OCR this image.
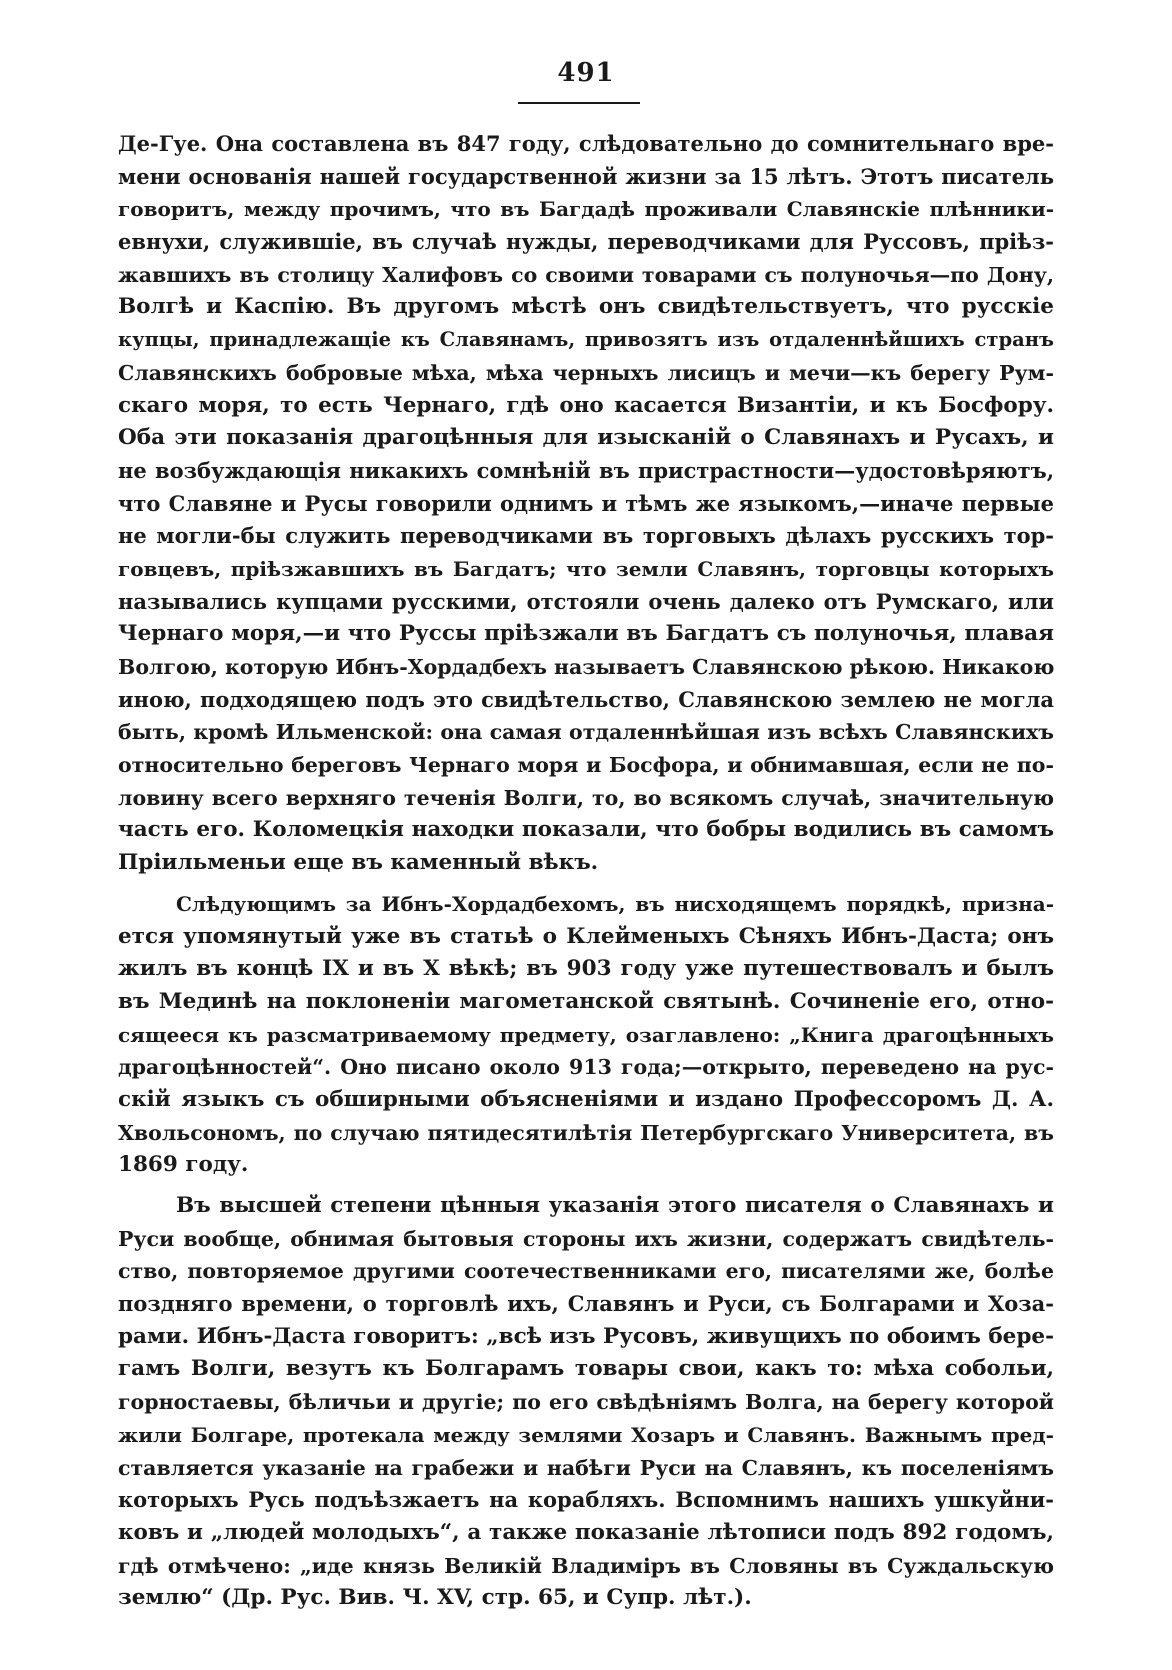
491
Де-Гуе. Она составлена въ 847 году, слѣдовательно до сомнительнаго вре-
мени основанія нашей государственной жизни за 15 лѣтъ. Этотъ писатель
говоритъ, между прочимъ, что въ Багдадѣ проживали Славянскіе плѣнники-
евнухи, служившіе, въ случаѣ нужды, переводчиками для Руссовъ, пріѣз-
жавшихъ въ столицу Халифовъ со своими товарами съ полуночья—по Дону,
Волгѣ и Каспію. Въ другомъ мѣстѣ онъ свидѣтельствуетъ, что русскіе
купцы, принадлежащіе къ Славянамъ, привозятъ изъ отдаленнѣйшихъ странъ
Славянскихъ бобровые мѣха, мѣха черныхъ лисицъ и мечи—къ берегу Рум-
скаго моря, то есть Чернаго, гдѣ оно касается Византіи, и къ Босфору.
Оба эти показанія драгоцѣнныя для изысканій о Славянахъ и Русахъ, и
не возбуждающія никакихъ сомнѣній въ пристрастности—удостовѣряютъ,
что Славяне и Русы говорили однимъ и тѣмъ же языкомъ,—иначе первые
не могли-бы служить переводчиками въ торговыхъ дѣлахъ русскихъ тор-
говцевъ, пріѣзжавшихъ въ Багдатъ; что земли Славянъ, торговцы которыхъ
назывались купцами русскими, отстояли очень далеко отъ Румскаго, или
Чернаго моря,—и что Руссы пріѣзжали въ Багдатъ съ полуночья, плавая
Волгою, которую Ибнъ-Хордадбехъ называетъ Славянскою рѣкою. Никакою
иною, подходящею подъ это свидѣтельство, Славянскою землею не могла
быть, кромѣ Ильменской: она самая отдаленнѣйшая изъ всѣхъ Славянскихъ
относительно береговъ Чернаго моря и Босфора, и обнимавшая, если не по-
ловину всего верхняго теченія Волги, то, во всякомъ случаѣ, значительную
часть его. Коломецкія находки показали, что бобры водились въ самомъ
Пріильменьи еще въ каменный вѣкъ.
Слѣдующимъ за Ибнъ-Хордадбехомъ, въ нисходящемъ порядкѣ, призна-
ется упомянутый уже въ статьѣ о Клейменыхъ Сѣняхъ Ибнъ-Даста; онъ
жилъ въ концѣ IX и въ X вѣкѣ; въ 903 году уже путешествовалъ и былъ
въ Мединѣ на поклоненіи магометанской святынѣ. Сочиненіе его, отно-
сящееся къ разсматриваемому предмету, озаглавлено: „Книга драгоцѣнныхъ
драгоцѣнностей“. Оно писано около 913 года;—открыто, переведено на рус-
скій языкъ съ обширными объясненіями и издано Профессоромъ Д. А.
Хвольсономъ, по случаю пятидесятилѣтія Петербургскаго Университета, въ
1869 году.
Въ высшей степени цѣнныя указанія этого писателя о Славянахъ и
Руси вообще, обнимая бытовыя стороны ихъ жизни, содержатъ свидѣтель-
ство, повторяемое другими соотечественниками его, писателями же, болѣе
поздняго времени, о торговлѣ ихъ, Славянъ и Руси, съ Болгарами и Хоза-
рами. Ибнъ-Даста говоритъ: „всѣ изъ Русовъ, живущихъ по обоимъ бере-
гамъ Волги, везутъ къ Болгарамъ товары свои, какъ то: мѣха собольи,
горностаевы, бѣличьи и другіе; по его свѣдѣніямъ Волга, на берегу которой
жили Болгаре, протекала между землями Хозаръ и Славянъ. Важнымъ пред-
ставляется указаніе на грабежи и набѣги Руси на Славянъ, къ поселеніямъ
которыхъ Русь подъѣзжаетъ на корабляхъ. Вспомнимъ нашихъ ушкуйни-
ковъ и „людей молодыхъ“, а также показаніе лѣтописи подъ 892 годомъ,
гдѣ отмѣчено: „иде князь Великій Владиміръ въ Словяны въ Суждальскую
землю“ (Др. Рус. Вив. Ч. XV, стр. 65, и Супр. лѣт.).
